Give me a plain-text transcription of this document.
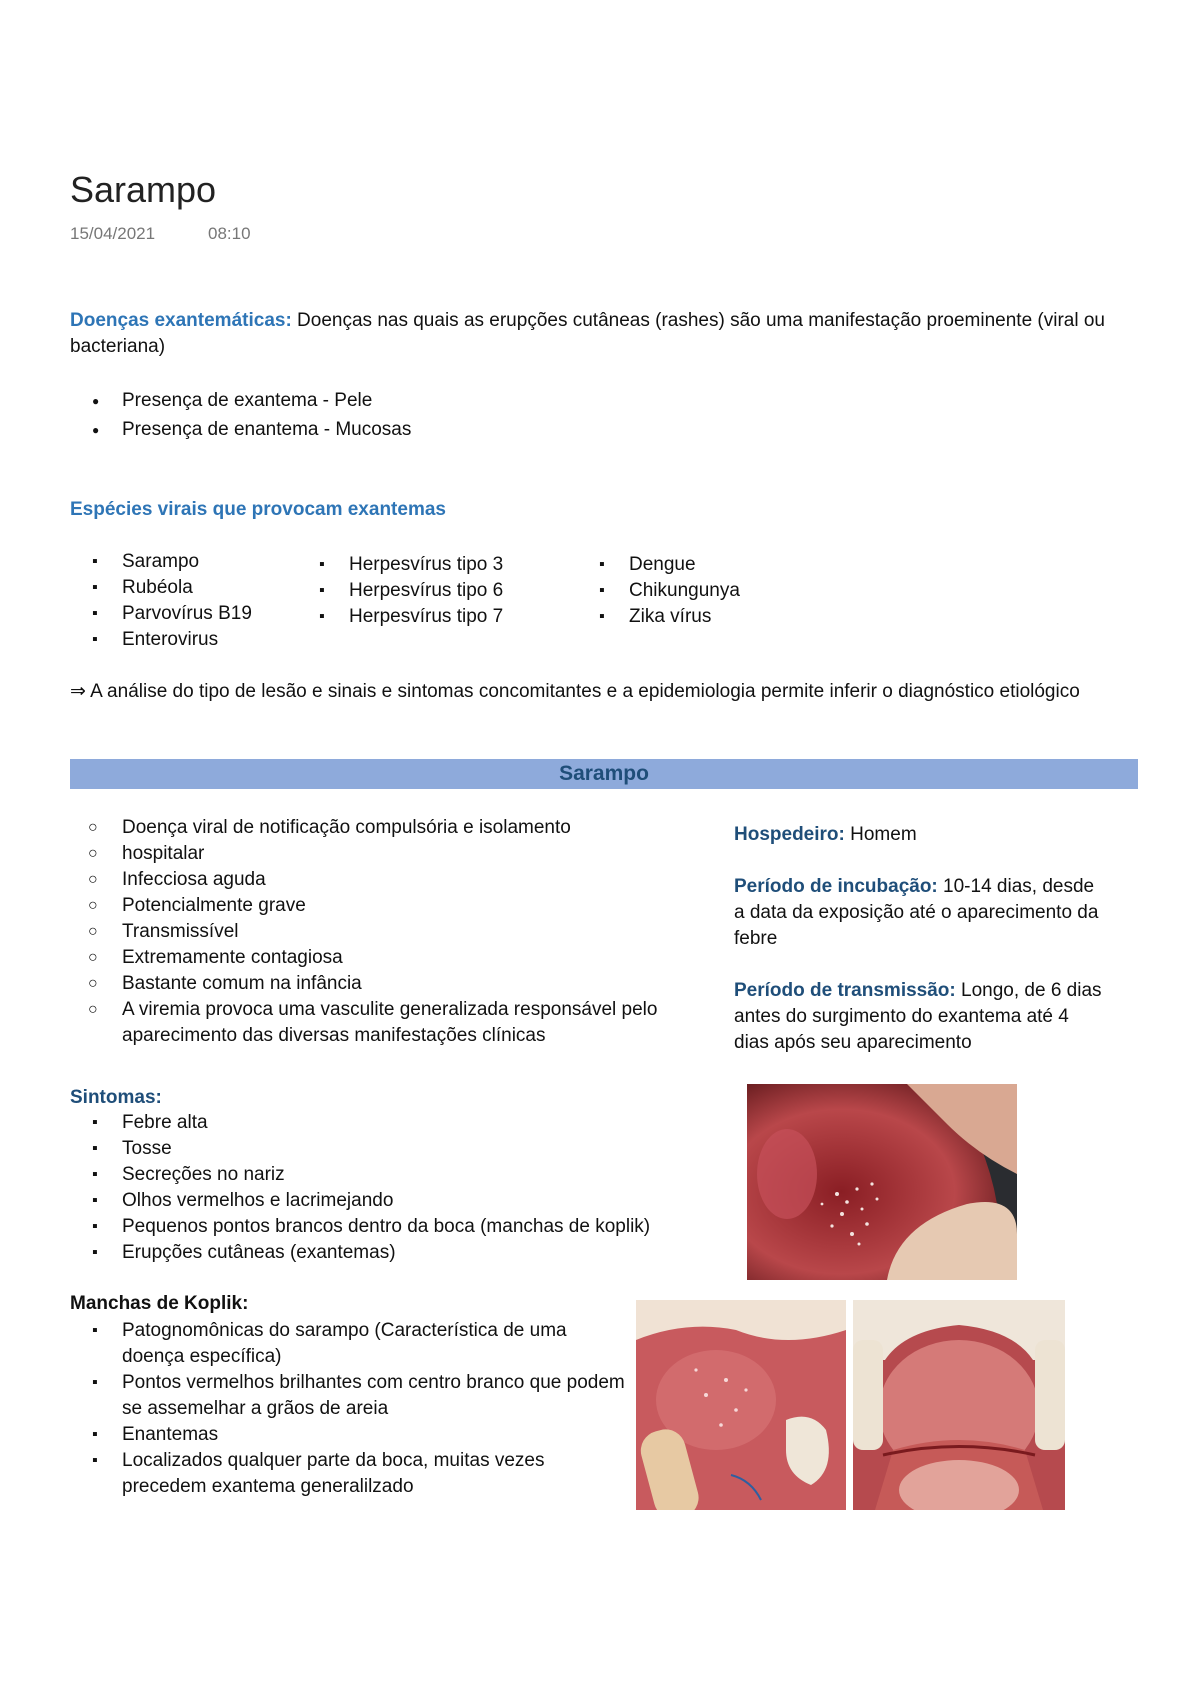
Sarampo
15/04/2021	08:10
Doenças exantemáticas: Doenças nas quais as erupções cutâneas (rashes) são uma manifestação proeminente (viral ou bacteriana)
● Presença de exantema - Pele
● Presença de enantema - Mucosas
Espécies virais que provocam exantemas
▪ Sarampo
▪ Rubéola
▪ Parvovírus B19
▪ Enterovirus
▪ Herpesvírus tipo 3
▪ Herpesvírus tipo 6
▪ Herpesvírus tipo 7
▪ Dengue
▪ Chikungunya
▪ Zika vírus
⇒ A análise do tipo de lesão e sinais e sintomas concomitantes e a epidemiologia permite inferir o diagnóstico etiológico
Sarampo
○ Doença viral de notificação compulsória e isolamento
○ hospitalar
○ Infecciosa aguda
○ Potencialmente grave
○ Transmissível
○ Extremamente contagiosa
○ Bastante comum na infância
○ A viremia provoca uma vasculite generalizada responsável pelo aparecimento das diversas manifestações clínicas

Hospedeiro: Homem

Período de incubação: 10-14 dias, desde a data da exposição até o aparecimento da febre

Período de transmissão: Longo, de 6 dias antes do surgimento do exantema até 4 dias após seu aparecimento

Sintomas:
▪ Febre alta
▪ Tosse
▪ Secreções no nariz
▪ Olhos vermelhos e lacrimejando
▪ Pequenos pontos brancos dentro da boca (manchas de koplik)
▪ Erupções cutâneas (exantemas)
Manchas de Koplik:
▪ Patognomônicas do sarampo (Característica de uma doença específica)
▪ Pontos vermelhos brilhantes com centro branco que podem se assemelhar a grãos de areia
▪ Enantemas
▪ Localizados qualquer parte da boca, muitas vezes precedem exantema generalilzado
